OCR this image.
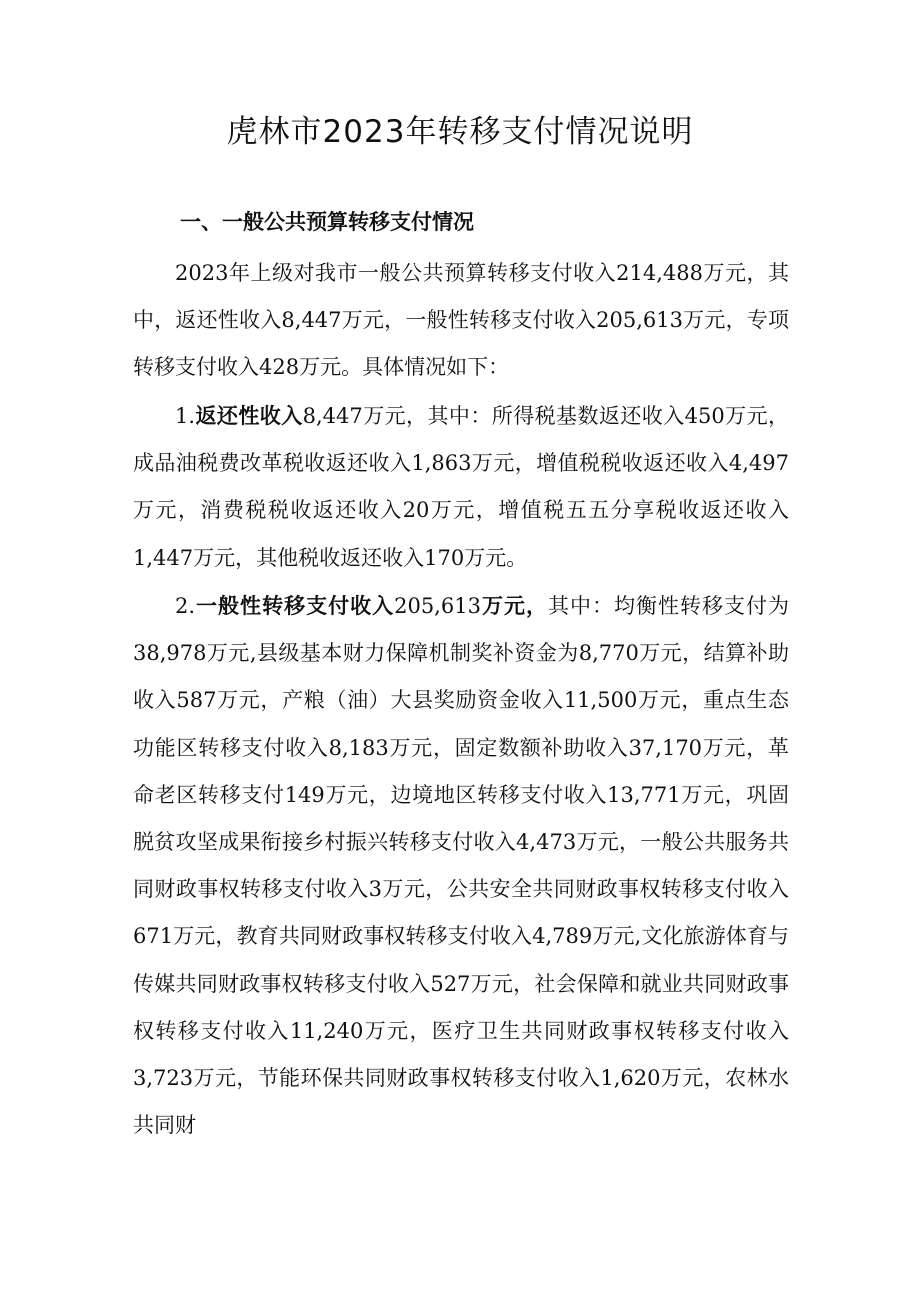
虎林市2023年转移支付情况说明
一、一般公共预算转移支付情况

2023年上级对我市一般公共预算转移支付收入214,488万元，其中，返还性收入8,447万元，一般性转移支付收入205,613万元，专项转移支付收入428万元。具体情况如下：

1.返还性收入8,447万元，其中：所得税基数返还收入450万元，成品油税费改革税收返还收入1,863万元，增值税税收返还收入4,497万元，消费税税收返还收入20万元，增值税五五分享税收返还收入1,447万元，其他税收返还收入170万元。

2.一般性转移支付收入205,613万元，其中：均衡性转移支付为38,978万元,县级基本财力保障机制奖补资金为8,770万元，结算补助收入587万元，产粮（油）大县奖励资金收入11,500万元，重点生态功能区转移支付收入8,183万元，固定数额补助收入37,170万元，革命老区转移支付149万元，边境地区转移支付收入13,771万元，巩固脱贫攻坚成果衔接乡村振兴转移支付收入4,473万元，一般公共服务共同财政事权转移支付收入3万元，公共安全共同财政事权转移支付收入671万元，教育共同财政事权转移支付收入4,789万元,文化旅游体育与传媒共同财政事权转移支付收入527万元，社会保障和就业共同财政事权转移支付收入11,240万元，医疗卫生共同财政事权转移支付收入3,723万元，节能环保共同财政事权转移支付收入1,620万元，农林水共同财
